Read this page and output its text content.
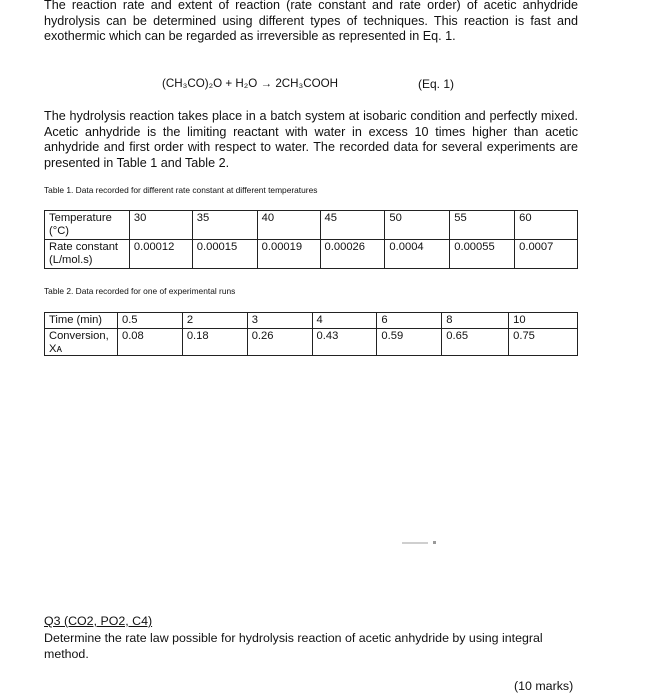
The reaction rate and extent of reaction (rate constant and rate order) of acetic anhydride hydrolysis can be determined using different types of techniques. This reaction is fast and exothermic which can be regarded as irreversible as represented in Eq. 1.
(CH₃CO)₂O + H₂O → 2CH₃COOH	(Eq. 1)
The hydrolysis reaction takes place in a batch system at isobaric condition and perfectly mixed. Acetic anhydride is the limiting reactant with water in excess 10 times higher than acetic anhydride and first order with respect to water. The recorded data for several experiments are presented in Table 1 and Table 2.
Table 1. Data recorded for different rate constant at different temperatures
Temperature (°C)	30	35	40	45	50	55	60
Rate constant (L/mol.s)	0.00012	0.00015	0.00019	0.00026	0.0004	0.00055	0.0007
Table 2. Data recorded for one of experimental runs
Time (min)	0.5	2	3	4	6	8	10
Conversion, Xᴀ	0.08	0.18	0.26	0.43	0.59	0.65	0.75
Q3 (CO2, PO2, C4)
Determine the rate law possible for hydrolysis reaction of acetic anhydride by using integral method.
(10 marks)
